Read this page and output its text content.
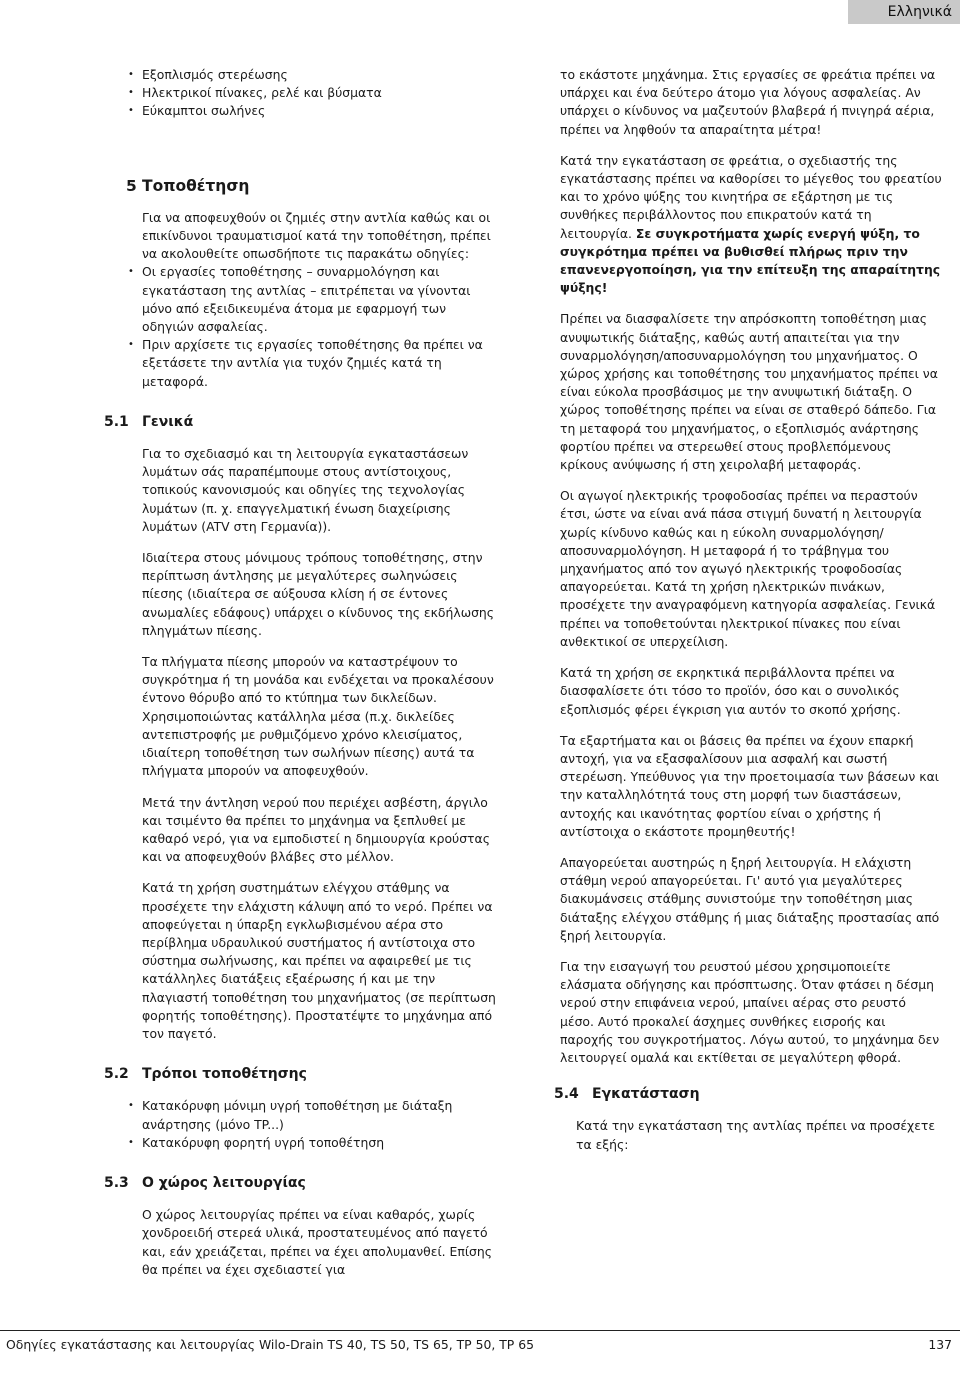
Ελληνικά
• Εξοπλισμός στερέωσης
• Ηλεκτρικοί πίνακες, ρελέ και βύσματα
• Εύκαμπτοι σωλήνες
5 Τοποθέτηση

Για να αποφευχθούν οι ζημιές στην αντλία καθώς και οι επικίνδυνοι τραυματισμοί κατά την τοποθέτηση, πρέπει να ακολουθείτε οπωσδήποτε τις παρακάτω οδηγίες:

• Οι εργασίες τοποθέτησης – συναρμολόγηση και εγκατάσταση της αντλίας – επιτρέπεται να γίνονται μόνο από εξειδικευμένα άτομα με εφαρμογή των οδηγιών ασφαλείας.
• Πριν αρχίσετε τις εργασίες τοποθέτησης θα πρέπει να εξετάσετε την αντλία για τυχόν ζημιές κατά τη μεταφορά.
5.1 Γενικά

Για το σχεδιασμό και τη λειτουργία εγκαταστάσεων λυμάτων σάς παραπέμπουμε στους αντίστοιχους, τοπικούς κανονισμούς και οδηγίες της τεχνολογίας λυμάτων (π. χ. επαγγελματική ένωση διαχείρισης λυμάτων (ATV στη Γερμανία)).

Ιδιαίτερα στους μόνιμους τρόπους τοποθέτησης, στην περίπτωση άντλησης με μεγαλύτερες σωληνώσεις πίεσης (ιδιαίτερα σε αύξουσα κλίση ή σε έντονες ανωμαλίες εδάφους) υπάρχει ο κίνδυνος της εκδήλωσης πληγμάτων πίεσης.

Τα πλήγματα πίεσης μπορούν να καταστρέψουν το συγκρότημα ή τη μονάδα και ενδέχεται να προκαλέσουν έντονο θόρυβο από το κτύπημα των δικλείδων. Χρησιμοποιώντας κατάλληλα μέσα (π.χ. δικλείδες αντεπιστροφής με ρυθμιζόμενο χρόνο κλεισίματος, ιδιαίτερη τοποθέτηση των σωλήνων πίεσης) αυτά τα πλήγματα μπορούν να αποφευχθούν.

Μετά την άντληση νερού που περιέχει ασβέστη, άργιλο και τσιμέντο θα πρέπει το μηχάνημα να ξεπλυθεί με καθαρό νερό, για να εμποδιστεί η δημιουργία κρούστας και να αποφευχθούν βλάβες στο μέλλον.

Κατά τη χρήση συστημάτων ελέγχου στάθμης να προσέχετε την ελάχιστη κάλυψη από το νερό. Πρέπει να αποφεύγεται η ύπαρξη εγκλωβισμένου αέρα στο περίβλημα υδραυλικού συστήματος ή αντίστοιχα στο σύστημα σωλήνωσης, και πρέπει να αφαιρεθεί με τις κατάλληλες διατάξεις εξαέρωσης ή και με την πλαγιαστή τοποθέτηση του μηχανήματος (σε περίπτωση φορητής τοποθέτησης). Προστατέψτε το μηχάνημα από τον παγετό.

5.2 Τρόποι τοποθέτησης
• Κατακόρυφη μόνιμη υγρή τοποθέτηση με διάταξη ανάρτησης (μόνο TP...)
• Κατακόρυφη φορητή υγρή τοποθέτηση
5.3 Ο χώρος λειτουργίας

Ο χώρος λειτουργίας πρέπει να είναι καθαρός, χωρίς χονδροειδή στερεά υλικά, προστατευμένος από παγετό και, εάν χρειάζεται, πρέπει να έχει απολυμανθεί. Επίσης θα πρέπει να έχει σχεδιαστεί για

το εκάστοτε μηχάνημα. Στις εργασίες σε φρεάτια πρέπει να υπάρχει και ένα δεύτερο άτομο για λόγους ασφαλείας. Αν υπάρχει ο κίνδυνος να μαζευτούν βλαβερά ή πνιγηρά αέρια, πρέπει να ληφθούν τα απαραίτητα μέτρα!

Κατά την εγκατάσταση σε φρεάτια, ο σχεδιαστής της εγκατάστασης πρέπει να καθορίσει το μέγεθος του φρεατίου και το χρόνο ψύξης του κινητήρα σε εξάρτηση με τις συνθήκες περιβάλλοντος που επικρατούν κατά τη λειτουργία. Σε συγκροτήματα χωρίς ενεργή ψύξη, το συγκρότημα πρέπει να βυθισθεί πλήρως πριν την επανενεργοποίηση, για την επίτευξη της απαραίτητης ψύξης!

Πρέπει να διασφαλίσετε την απρόσκοπτη τοποθέτηση μιας ανυψωτικής διάταξης, καθώς αυτή απαιτείται για την συναρμολόγηση/αποσυναρμολόγηση του μηχανήματος. Ο χώρος χρήσης και τοποθέτησης του μηχανήματος πρέπει να είναι εύκολα προσβάσιμος με την ανυψωτική διάταξη. Ο χώρος τοποθέτησης πρέπει να είναι σε σταθερό δάπεδο. Για τη μεταφορά του μηχανήματος, ο εξοπλισμός ανάρτησης φορτίου πρέπει να στερεωθεί στους προβλεπόμενους κρίκους ανύψωσης ή στη χειρολαβή μεταφοράς.

Οι αγωγοί ηλεκτρικής τροφοδοσίας πρέπει να περαστούν έτσι, ώστε να είναι ανά πάσα στιγμή δυνατή η λειτουργία χωρίς κίνδυνο καθώς και η εύκολη συναρμολόγηση/αποσυναρμολόγηση. Η μεταφορά ή το τράβηγμα του μηχανήματος από τον αγωγό ηλεκτρικής τροφοδοσίας απαγορεύεται. Κατά τη χρήση ηλεκτρικών πινάκων, προσέχετε την αναγραφόμενη κατηγορία ασφαλείας. Γενικά πρέπει να τοποθετούνται ηλεκτρικοί πίνακες που είναι ανθεκτικοί σε υπερχείλιση.

Κατά τη χρήση σε εκρηκτικά περιβάλλοντα πρέπει να διασφαλίσετε ότι τόσο το προϊόν, όσο και ο συνολικός εξοπλισμός φέρει έγκριση για αυτόν το σκοπό χρήσης.

Τα εξαρτήματα και οι βάσεις θα πρέπει να έχουν επαρκή αντοχή, για να εξασφαλίσουν μια ασφαλή και σωστή στερέωση. Υπεύθυνος για την προετοιμασία των βάσεων και την καταλληλότητά τους στη μορφή των διαστάσεων, αντοχής και ικανότητας φορτίου είναι ο χρήστης ή αντίστοιχα ο εκάστοτε προμηθευτής!

Απαγορεύεται αυστηρώς η ξηρή λειτουργία. Η ελάχιστη στάθμη νερού απαγορεύεται. Γι' αυτό για μεγαλύτερες διακυμάνσεις στάθμης συνιστούμε την τοποθέτηση μιας διάταξης ελέγχου στάθμης ή μιας διάταξης προστασίας από ξηρή λειτουργία.

Για την εισαγωγή του ρευστού μέσου χρησιμοποιείτε ελάσματα οδήγησης και πρόσπτωσης. Όταν φτάσει η δέσμη νερού στην επιφάνεια νερού, μπαίνει αέρας στο ρευστό μέσο. Αυτό προκαλεί άσχημες συνθήκες εισροής και παροχής του συγκροτήματος. Λόγω αυτού, το μηχάνημα δεν λειτουργεί ομαλά και εκτίθεται σε μεγαλύτερη φθορά.

5.4 Εγκατάσταση

Κατά την εγκατάσταση της αντλίας πρέπει να προσέχετε τα εξής:

Οδηγίες εγκατάστασης και λειτουργίας Wilo-Drain TS 40, TS 50, TS 65, TP 50, TP 65	137
